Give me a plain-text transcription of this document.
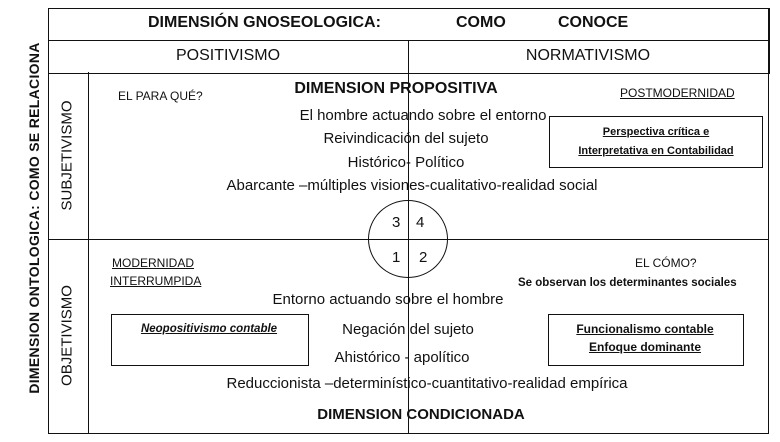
DIMENSIÓN GNOSEOLOGICA:	COMO	CONOCE
POSITIVISMO	NORMATIVISMO
DIMENSION ONTOLOGICA: COMO SE RELACIONA SUBJETIVISMO
OBJETIVISMO
DIMENSION PROPOSITIVA
EL PARA QUÉ?	POSTMODERNIDAD
Perspectiva crítica e
Interpretativa en Contabilidad
El hombre actuando sobre el entorno
Reivindicación del sujeto
Histórico- Político
Abarcante –múltiples visiones-cualitativo-realidad social
3 4
1 2
MODERNIDAD
INTERRUMPIDA
EL CÓMO?
Se observan los determinantes sociales
Entorno actuando sobre el hombre
Negación del sujeto
Ahistórico - apolítico
Reduccionista –determinístico-cuantitativo-realidad empírica
Neopositivismo contable	Funcionalismo contable
Enfoque dominante
DIMENSION CONDICIONADA
